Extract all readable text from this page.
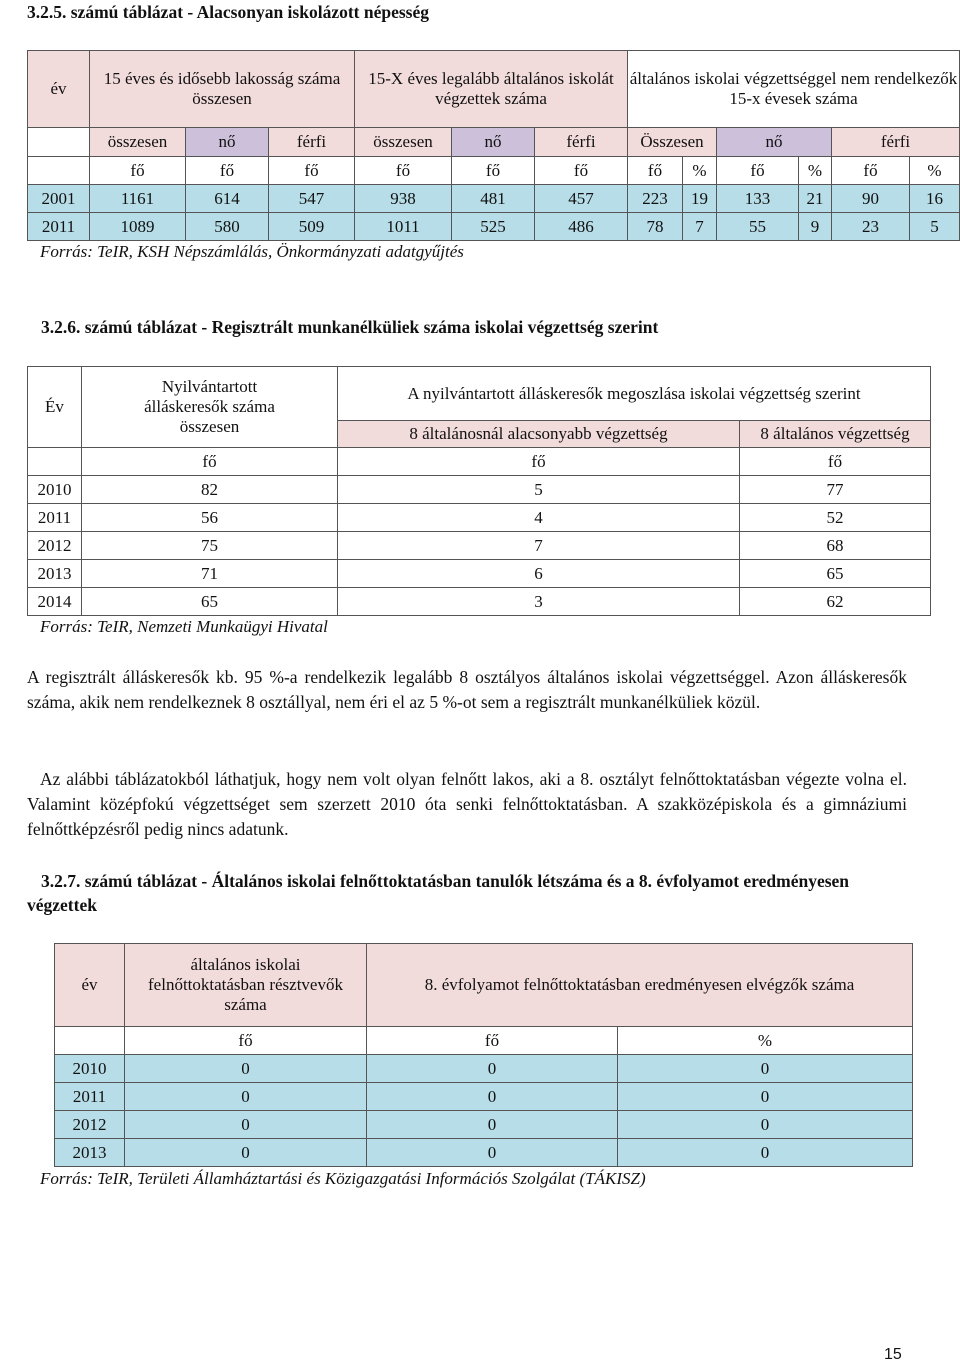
3.2.5. számú táblázat - Alacsonyan iskolázott népesség
év	15 éves és idősebb lakosság száma összesen			15-X éves legalább általános iskolát végzettek száma			általános iskolai végzettséggel nem rendelkezők 15-x évesek száma					
	összesen	nő	férfi	összesen	nő	férfi	Összesen		nő		férfi	
	fő	fő	fő	fő	fő	fő	fő	%	fő	%	fő	%
2001	1161	614	547	938	481	457	223	19	133	21	90	16
2011	1089	580	509	1011	525	486	78	7	55	9	23	5
Forrás: TeIR, KSH Népszámlálás, Önkormányzati adatgyűjtés
3.2.6. számú táblázat - Regisztrált munkanélküliek száma iskolai végzettség szerint
Év	Nyilvántartott álláskeresők száma összesen	A nyilvántartott álláskeresők megoszlása iskolai végzettség szerint	
		8 általánosnál alacsonyabb végzettség	8 általános végzettség
	fő	fő	fő
2010	82	5	77
2011	56	4	52
2012	75	7	68
2013	71	6	65
2014	65	3	62
Forrás: TeIR, Nemzeti Munkaügyi Hivatal
A regisztrált álláskeresők kb. 95 %-a rendelkezik legalább 8 osztályos általános iskolai végzettséggel. Azon álláskeresők száma, akik nem rendelkeznek 8 osztállyal, nem éri el az 5 %-ot sem a regisztrált munkanélküliek közül.
Az alábbi táblázatokból láthatjuk, hogy nem volt olyan felnőtt lakos, aki a 8. osztályt felnőttoktatásban végezte volna el. Valamint középfokú végzettséget sem szerzett 2010 óta senki felnőttoktatásban. A szakközépiskola és a gimnáziumi felnőttképzésről pedig nincs adatunk.
3.2.7. számú táblázat - Általános iskolai felnőttoktatásban tanulók létszáma és a 8. évfolyamot eredményesen végzettek
év	általános iskolai felnőttoktatásban résztvevők száma	8. évfolyamot felnőttoktatásban eredményesen elvégzők száma	
	fő	fő	%
2010	0	0	0
2011	0	0	0
2012	0	0	0
2013	0	0	0
Forrás: TeIR, Területi Államháztartási és Közigazgatási Információs Szolgálat (TÁKISZ)
15
